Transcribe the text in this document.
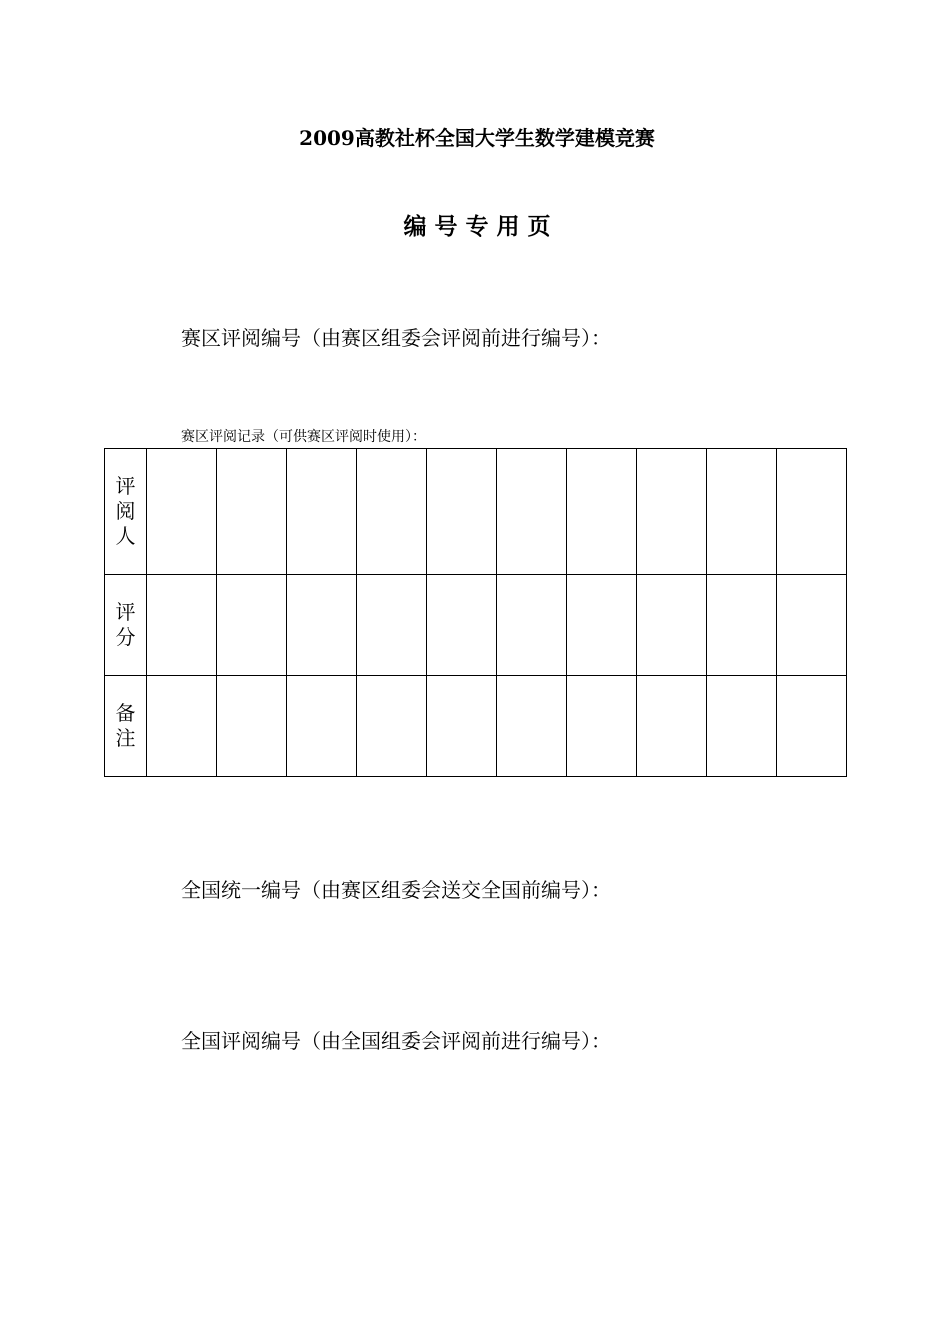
2009高教社杯全国大学生数学建模竞赛
编 号 专 用 页
赛区评阅编号（由赛区组委会评阅前进行编号）：
赛区评阅记录（可供赛区评阅时使用）：
评阅人										
评分										
备注										
全国统一编号（由赛区组委会送交全国前编号）：
全国评阅编号（由全国组委会评阅前进行编号）：
